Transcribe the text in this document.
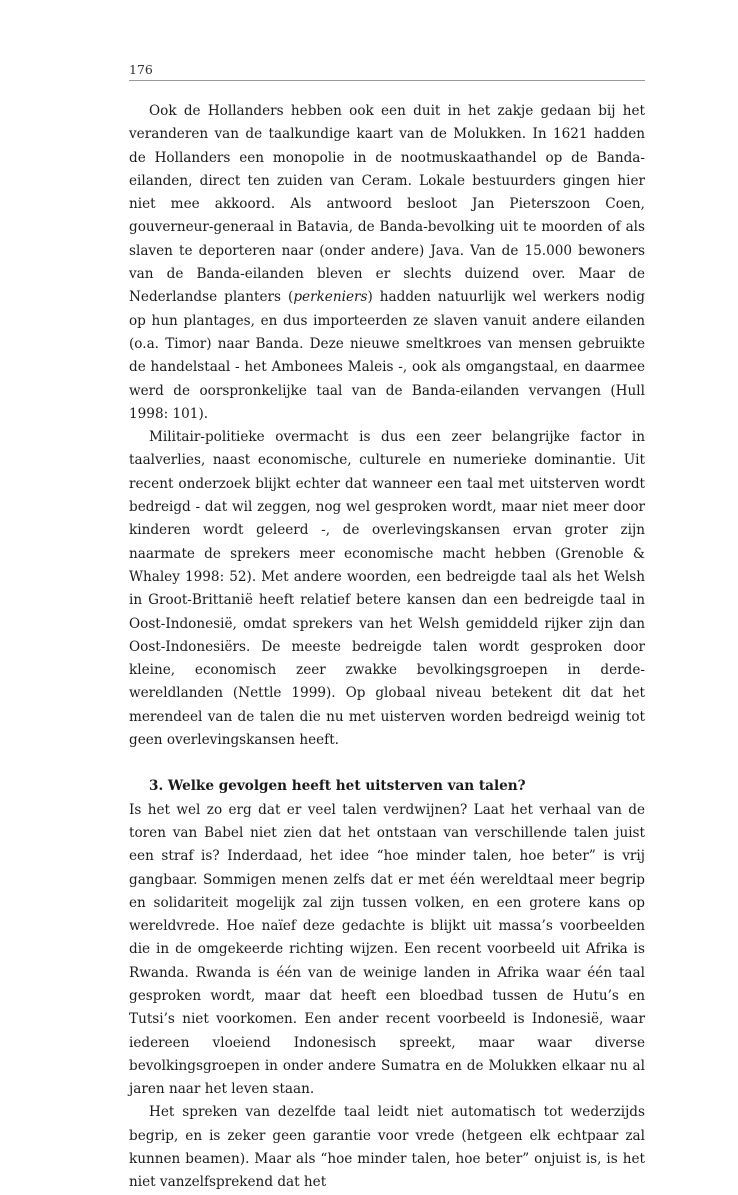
176

Ook de Hollanders hebben ook een duit in het zakje gedaan bij het veranderen van de taalkundige kaart van de Molukken. In 1621 hadden de Hollanders een monopolie in de nootmuskaathandel op de Banda-eilanden, direct ten zuiden van Ceram. Lokale bestuurders gingen hier niet mee akkoord. Als antwoord besloot Jan Pieterszoon Coen, gouverneur-generaal in Batavia, de Banda-bevolking uit te moorden of als slaven te deporteren naar (onder andere) Java. Van de 15.000 bewoners van de Banda-eilanden bleven er slechts duizend over. Maar de Nederlandse planters (perkeniers) hadden natuurlijk wel werkers nodig op hun plantages, en dus importeerden ze slaven vanuit andere eilanden (o.a. Timor) naar Banda. Deze nieuwe smeltkroes van mensen gebruikte de handelstaal - het Ambonees Maleis -, ook als omgangstaal, en daarmee werd de oorspronkelijke taal van de Banda-eilanden vervangen (Hull 1998: 101).

Militair-politieke overmacht is dus een zeer belangrijke factor in taalverlies, naast economische, culturele en numerieke dominantie. Uit recent onderzoek blijkt echter dat wanneer een taal met uitsterven wordt bedreigd - dat wil zeggen, nog wel gesproken wordt, maar niet meer door kinderen wordt geleerd -, de overlevingskansen ervan groter zijn naarmate de sprekers meer economische macht hebben (Grenoble & Whaley 1998: 52). Met andere woorden, een bedreigde taal als het Welsh in Groot-Brittanië heeft relatief betere kansen dan een bedreigde taal in Oost-Indonesië, omdat sprekers van het Welsh gemiddeld rijker zijn dan Oost-Indonesiërs. De meeste bedreigde talen wordt gesproken door kleine, economisch zeer zwakke bevolkingsgroepen in derde-wereldlanden (Nettle 1999). Op globaal niveau betekent dit dat het merendeel van de talen die nu met uisterven worden bedreigd weinig tot geen overlevingskansen heeft.

3. Welke gevolgen heeft het uitsterven van talen?

Is het wel zo erg dat er veel talen verdwijnen? Laat het verhaal van de toren van Babel niet zien dat het ontstaan van verschillende talen juist een straf is? Inderdaad, het idee “hoe minder talen, hoe beter” is vrij gangbaar. Sommigen menen zelfs dat er met één wereldtaal meer begrip en solidariteit mogelijk zal zijn tussen volken, en een grotere kans op wereldvrede. Hoe naïef deze gedachte is blijkt uit massa’s voorbeelden die in de omgekeerde richting wijzen. Een recent voorbeeld uit Afrika is Rwanda. Rwanda is één van de weinige landen in Afrika waar één taal gesproken wordt, maar dat heeft een bloedbad tussen de Hutu’s en Tutsi’s niet voorkomen. Een ander recent voorbeeld is Indonesië, waar iedereen vloeiend Indonesisch spreekt, maar waar diverse bevolkingsgroepen in onder andere Sumatra en de Molukken elkaar nu al jaren naar het leven staan.

Het spreken van dezelfde taal leidt niet automatisch tot wederzijds begrip, en is zeker geen garantie voor vrede (hetgeen elk echtpaar zal kunnen beamen). Maar als “hoe minder talen, hoe beter” onjuist is, is het niet vanzelfsprekend dat het
